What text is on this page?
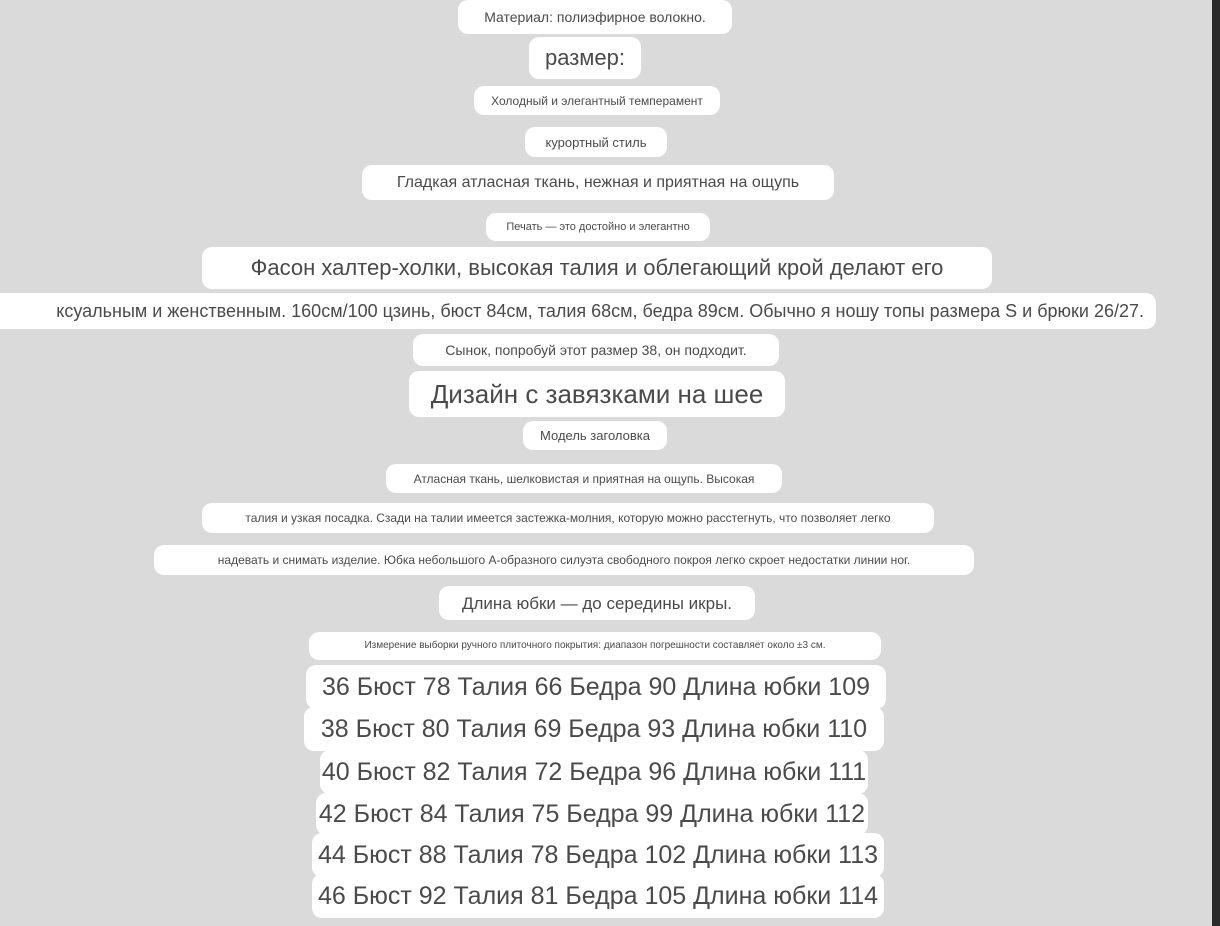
Материал: полиэфирное волокно.
размер:
Холодный и элегантный темперамент
курортный стиль
Гладкая атласная ткань, нежная и приятная на ощупь
Печать — это достойно и элегантно
Фасон халтер-холки, высокая талия и облегающий крой делают его
ксуальным и женственным. 160см/100 цзинь, бюст 84см, талия 68см, бедра 89см. Обычно я ношу топы размера S и брюки 26/27.
Сынок, попробуй этот размер 38, он подходит.
Дизайн с завязками на шее
Модель заголовка
Атласная ткань, шелковистая и приятная на ощупь. Высокая
талия и узкая посадка. Сзади на талии имеется застежка-молния, которую можно расстегнуть, что позволяет легко
надевать и снимать изделие. Юбка небольшого А-образного силуэта свободного покроя легко скроет недостатки линии ног.
Длина юбки — до середины икры.
Измерение выборки ручного плиточного покрытия: диапазон погрешности составляет около ±3 см.
36 Бюст 78 Талия 66 Бедра 90 Длина юбки 109
38 Бюст 80 Талия 69 Бедра 93 Длина юбки 110
40 Бюст 82 Талия 72 Бедра 96 Длина юбки 111
42 Бюст 84 Талия 75 Бедра 99 Длина юбки 112
44 Бюст 88 Талия 78 Бедра 102 Длина юбки 113
46 Бюст 92 Талия 81 Бедра 105 Длина юбки 114
